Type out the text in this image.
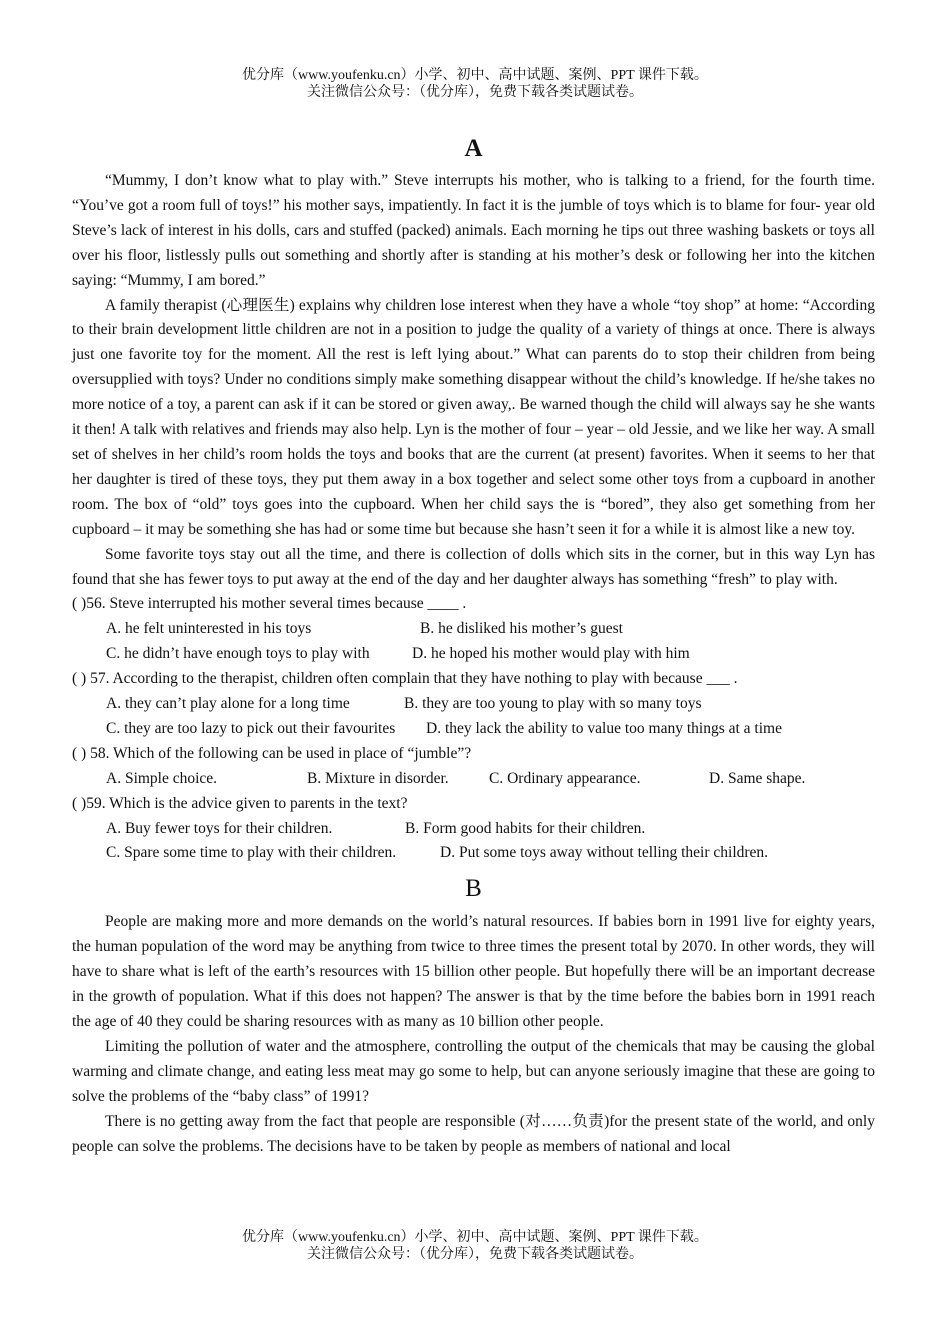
优分库（www.youfenku.cn）小学、初中、高中试题、案例、PPT 课件下载。
关注微信公众号：（优分库），免费下载各类试题试卷。
A

“Mummy, I don’t know what to play with.” Steve interrupts his mother, who is talking to a friend, for the fourth time. “You’ve got a room full of toys!” his mother says, impatiently. In fact it is the jumble of toys which is to blame for four- year old Steve’s lack of interest in his dolls, cars and stuffed (packed) animals. Each morning he tips out three washing baskets or toys all over his floor, listlessly pulls out something and shortly after is standing at his mother’s desk or following her into the kitchen saying: “Mummy, I am bored.”

A family therapist (心理医生) explains why children lose interest when they have a whole “toy shop” at home: “According to their brain development little children are not in a position to judge the quality of a variety of things at once. There is always just one favorite toy for the moment. All the rest is left lying about.” What can parents do to stop their children from being oversupplied with toys? Under no conditions simply make something disappear without the child’s knowledge. If he/she takes no more notice of a toy, a parent can ask if it can be stored or given away,. Be warned though the child will always say he she wants it then! A talk with relatives and friends may also help. Lyn is the mother of four – year – old Jessie, and we like her way. A small set of shelves in her child’s room holds the toys and books that are the current (at present) favorites. When it seems to her that her daughter is tired of these toys, they put them away in a box together and select some other toys from a cupboard in another room. The box of “old” toys goes into the cupboard. When her child says the is “bored”, they also get something from her cupboard – it may be something she has had or some time but because she hasn’t seen it for a while it is almost like a new toy.

Some favorite toys stay out all the time, and there is collection of dolls which sits in the corner, but in this way Lyn has found that she has fewer toys to put away at the end of the day and her daughter always has something “fresh” to play with.

( )56. Steve interrupted his mother several times because ____ .
A. he felt uninterested in his toys	B. he disliked his mother’s guest
C. he didn’t have enough toys to play with	D. he hoped his mother would play with him
( ) 57. According to the therapist, children often complain that they have nothing to play with because ___ .
A. they can’t play alone for a long time	B. they are too young to play with so many toys
C. they are too lazy to pick out their favourites D. they lack the ability to value too many things at a time
( ) 58. Which of the following can be used in place of “jumble”?
A. Simple choice.	B. Mixture in disorder.	C. Ordinary appearance.	D. Same shape.
( )59. Which is the advice given to parents in the text?
A. Buy fewer toys for their children.	B. Form good habits for their children.
C. Spare some time to play with their children.	D. Put some toys away without telling their children.
B

People are making more and more demands on the world’s natural resources. If babies born in 1991 live for eighty years, the human population of the word may be anything from twice to three times the present total by 2070. In other words, they will have to share what is left of the earth’s resources with 15 billion other people. But hopefully there will be an important decrease in the growth of population. What if this does not happen? The answer is that by the time before the babies born in 1991 reach the age of 40 they could be sharing resources with as many as 10 billion other people.

Limiting the pollution of water and the atmosphere, controlling the output of the chemicals that may be causing the global warming and climate change, and eating less meat may go some to help, but can anyone seriously imagine that these are going to solve the problems of the “baby class” of 1991?

There is no getting away from the fact that people are responsible (对……负责)for the present state of the world, and only people can solve the problems. The decisions have to be taken by people as members of national and local

优分库（www.youfenku.cn）小学、初中、高中试题、案例、PPT 课件下载。
关注微信公众号：（优分库），免费下载各类试题试卷。
